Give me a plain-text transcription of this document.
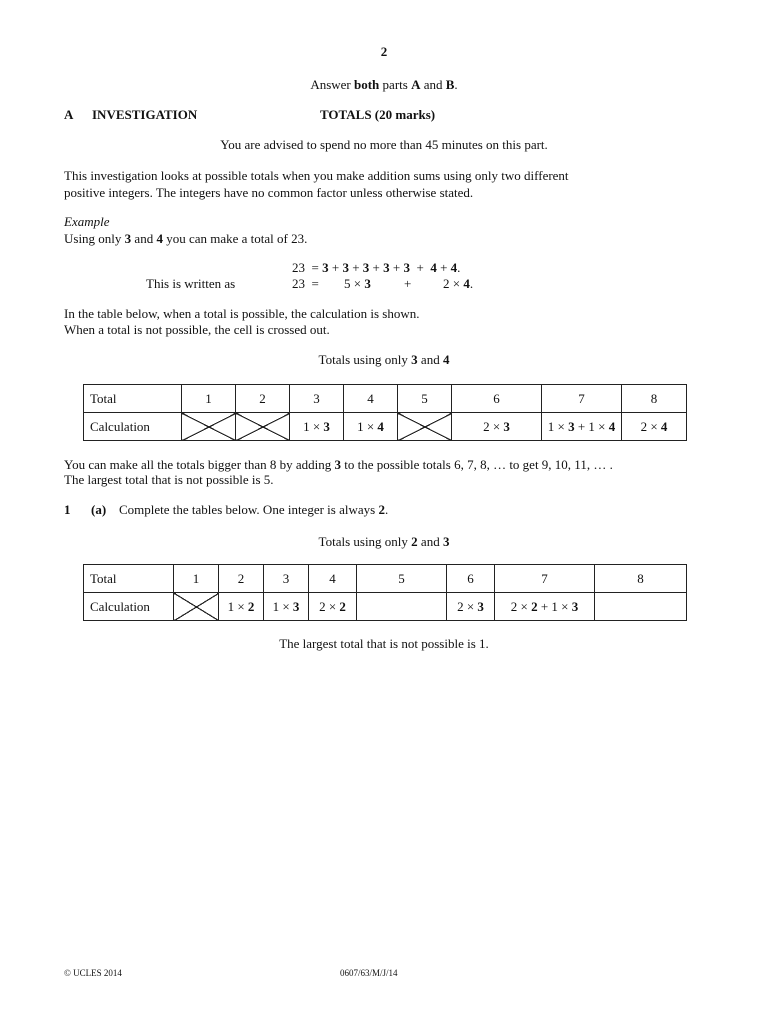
2

Answer both parts A and B.

A INVESTIGATION	TOTALS (20 marks)

You are advised to spend no more than 45 minutes on this part.

This investigation looks at possible totals when you make addition sums using only two different

positive integers. The integers have no common factor unless otherwise stated.

Example

Using only 3 and 4 you can make a total of 23.

23  = 3 + 3 + 3 + 3 + 3  +  4 + 4.

This is written as	23  = 5 × 3	+ 2 × 4.

In the table below, when a total is possible, the calculation is shown.

When a total is not possible, the cell is crossed out.

Totals using only 3 and 4

Total	1	2	3	4	5	6	7	8
Calculation			1 × 3	1 × 4		2 × 3	1 × 3 + 1 × 4	2 × 4

You can make all the totals bigger than 8 by adding 3 to the possible totals 6, 7, 8, … to get 9, 10, 11, … .

The largest total that is not possible is 5.

1 (a) Complete the tables below. One integer is always 2.

Totals using only 2 and 3

Total	1	2	3	4	5	6	7	8
Calculation		1 × 2	1 × 3	2 × 2		2 × 3	2 × 2 + 1 × 3	

The largest total that is not possible is 1.

© UCLES 2014	0607/63/M/J/14
